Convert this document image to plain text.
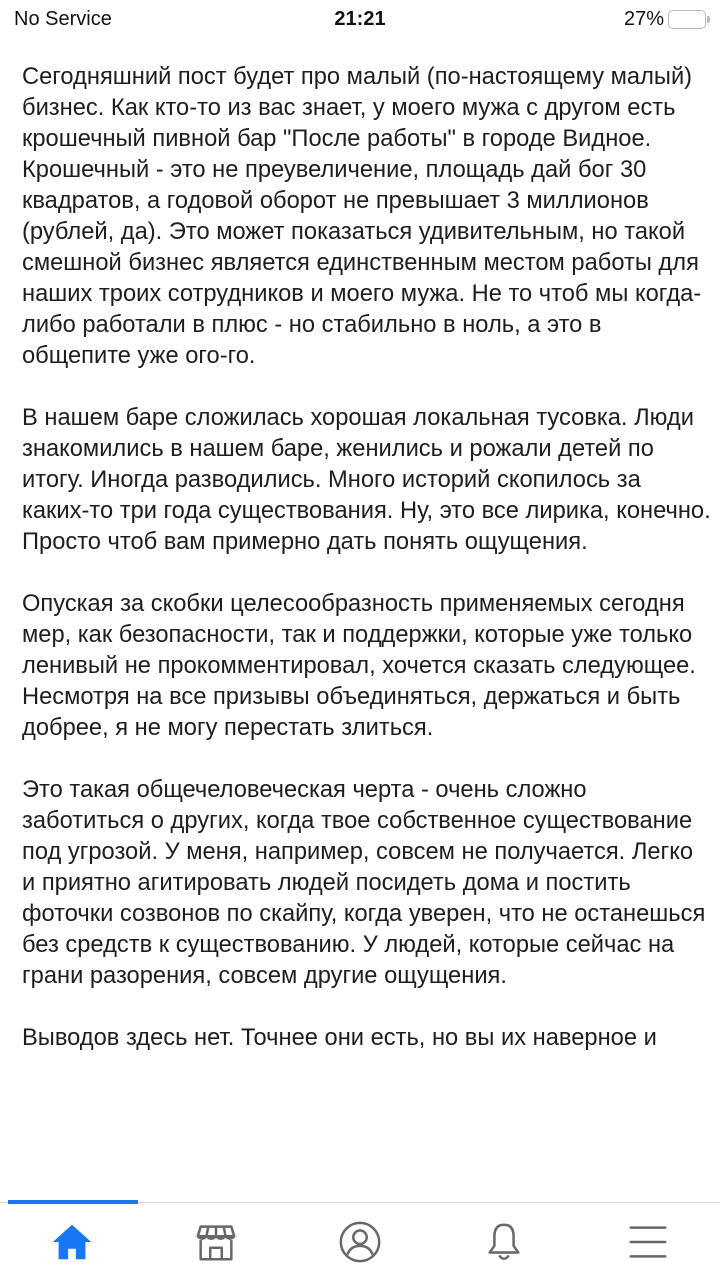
No Service	21:21	27%

Сегодняшний пост будет про малый (по-настоящему малый) бизнес. Как кто-то из вас знает, у моего мужа с другом есть крошечный пивной бар "После работы" в городе Видное. Крошечный - это не преувеличение, площадь дай бог 30 квадратов, а годовой оборот не превышает 3 миллионов (рублей, да). Это может показаться удивительным, но такой смешной бизнес является единственным местом работы для наших троих сотрудников и моего мужа. Не то чтоб мы когда-либо работали в плюс - но стабильно в ноль, а это в общепите уже ого-го.

В нашем баре сложилась хорошая локальная тусовка. Люди знакомились в нашем баре, женились и рожали детей по итогу. Иногда разводились. Много историй скопилось за каких-то три года существования. Ну, это все лирика, конечно. Просто чтоб вам примерно дать понять ощущения.

Опуская за скобки целесообразность применяемых сегодня мер, как безопасности, так и поддержки, которые уже только ленивый не прокомментировал, хочется сказать следующее. Несмотря на все призывы объединяться, держаться и быть добрее, я не могу перестать злиться.

Это такая общечеловеческая черта - очень сложно заботиться о других, когда твое собственное существование под угрозой. У меня, например, совсем не получается. Легко и приятно агитировать людей посидеть дома и постить фоточки созвонов по скайпу, когда уверен, что не останешься без средств к существованию. У людей, которые сейчас на грани разорения, совсем другие ощущения.

Выводов здесь нет. Точнее они есть, но вы их наверное и
